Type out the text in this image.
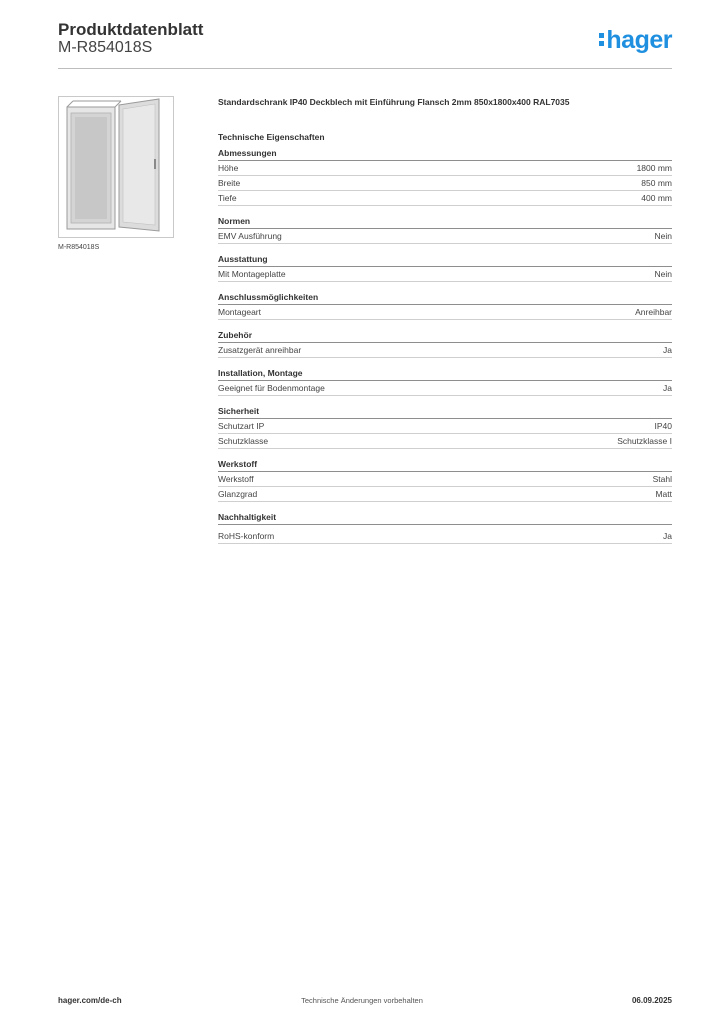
Produktdatenblatt
M-R854018S	hager
M-R854018S
Standardschrank IP40 Deckblech mit Einführung Flansch 2mm 850x1800x400 RAL7035
Technische Eigenschaften
Abmessungen
Höhe	1800 mm
Breite	850 mm
Tiefe	400 mm
Normen
EMV Ausführung	Nein
Ausstattung
Mit Montageplatte	Nein
Anschlussmöglichkeiten
Montageart	Anreihbar
Zubehör
Zusatzgerät anreihbar	Ja
Installation, Montage
Geeignet für Bodenmontage	Ja
Sicherheit
Schutzart IP	IP40
Schutzklasse	Schutzklasse I
Werkstoff
Werkstoff	Stahl
Glanzgrad	Matt
Nachhaltigkeit
RoHS-konform	Ja
hager.com/de-ch	Technische Änderungen vorbehalten	06.09.2025
